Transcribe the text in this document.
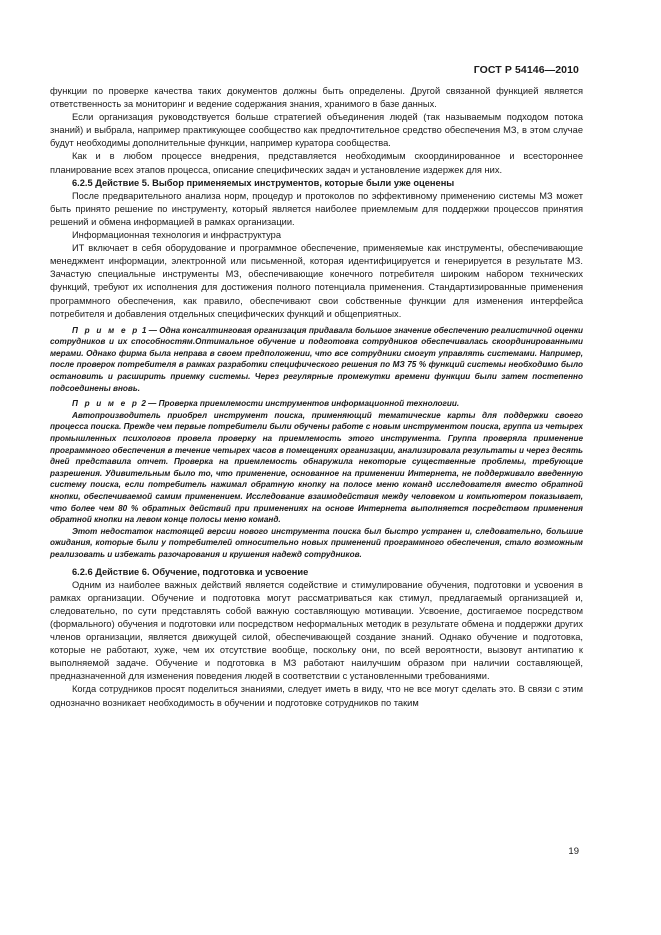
ГОСТ Р 54146—2010

функции по проверке качества таких документов должны быть определены. Другой связанной функцией является ответственность за мониторинг и ведение содержания знания, хранимого в базе данных.

Если организация руководствуется больше стратегией объединения людей (так называемым подходом потока знаний) и выбрала, например практикующее сообщество как предпочтительное средство обеспечения МЗ, в этом случае будут необходимы дополнительные функции, например куратора сообщества.

Как и в любом процессе внедрения, представляется необходимым скоординированное и всестороннее планирование всех этапов процесса, описание специфических задач и установление издержек для них.

6.2.5 Действие 5. Выбор применяемых инструментов, которые были уже оценены

После предварительного анализа норм, процедур и протоколов по эффективному применению системы МЗ может быть принято решение по инструменту, который является наиболее приемлемым для поддержки процессов принятия решений и обмена информацией в рамках организации.

Информационная технология и инфраструктура

ИТ включает в себя оборудование и программное обеспечение, применяемые как инструменты, обеспечивающие менеджмент информации, электронной или письменной, которая идентифицируется и генерируется в результате МЗ. Зачастую специальные инструменты МЗ, обеспечивающие конечного потребителя широким набором технических функций, требуют их исполнения для достижения полного потенциала применения. Стандартизированные применения программного обеспечения, как правило, обеспечивают свои собственные функции для изменения интерфейса потребителя и добавления отдельных специфических функций и общеприятных.

П р и м е р 1 — Одна консалтинговая организация придавала большое значение обеспечению реалистичной оценки сотрудников и их способностям.Оптимальное обучение и подготовка сотрудников обеспечивалась скоординированными мерами. Однако фирма была неправа в своем предположении, что все сотрудники смогут управлять системами. Например, после проверок потребителя в рамках разработки специфического решения по МЗ 75 % функций системы необходимо было остановить и расширить приемку системы. Через регулярные промежутки времени функции были затем постепенно подсоединены вновь.

П р и м е р 2 — Проверка приемлемости инструментов информационной технологии.

Автопроизводитель приобрел инструмент поиска, применяющий тематические карты для поддержки своего процесса поиска. Прежде чем первые потребители были обучены работе с новым инструментом поиска, группа из четырех промышленных психологов провела проверку на приемлемость этого инструмента. Группа проверяла применение программного обеспечения в течение четырех часов в помещениях организации, анализировала результаты и через десять дней представила отчет. Проверка на приемлемость обнаружила некоторые существенные проблемы, требующие разрешения. Удивительным было то, что применение, основанное на применении Интернета, не поддерживало введенную систему поиска, если потребитель нажимал обратную кнопку на полосе меню команд исследователя вместо обратной кнопки, обеспечиваемой самим применением. Исследование взаимодействия между человеком и компьютером показывает, что более чем 80 % обратных действий при применениях на основе Интернета выполняется посредством применения обратной кнопки на левом конце полосы меню команд.

Этот недостаток настоящей версии нового инструмента поиска был быстро устранен и, следовательно, большие ожидания, которые были у потребителей относительно новых применений программного обеспечения, стало возможным реализовать и избежать разочарования и крушения надежд сотрудников.

6.2.6 Действие 6. Обучение, подготовка и усвоение

Одним из наиболее важных действий является содействие и стимулирование обучения, подготовки и усвоения в рамках организации. Обучение и подготовка могут рассматриваться как стимул, предлагаемый организацией и, следовательно, по сути представлять собой важную составляющую мотивации. Усвоение, достигаемое посредством (формального) обучения и подготовки или посредством неформальных методик в результате обмена и поддержки других членов организации, является движущей силой, обеспечивающей создание знаний. Однако обучение и подготовка, которые не работают, хуже, чем их отсутствие вообще, поскольку они, по всей вероятности, вызовут антипатию к выполняемой задаче. Обучение и подготовка в МЗ работают наилучшим образом при наличии составляющей, предназначенной для изменения поведения людей в соответствии с установленными требованиями.

Когда сотрудников просят поделиться знаниями, следует иметь в виду, что не все могут сделать это. В связи с этим однозначно возникает необходимость в обучении и подготовке сотрудников по таким

19
